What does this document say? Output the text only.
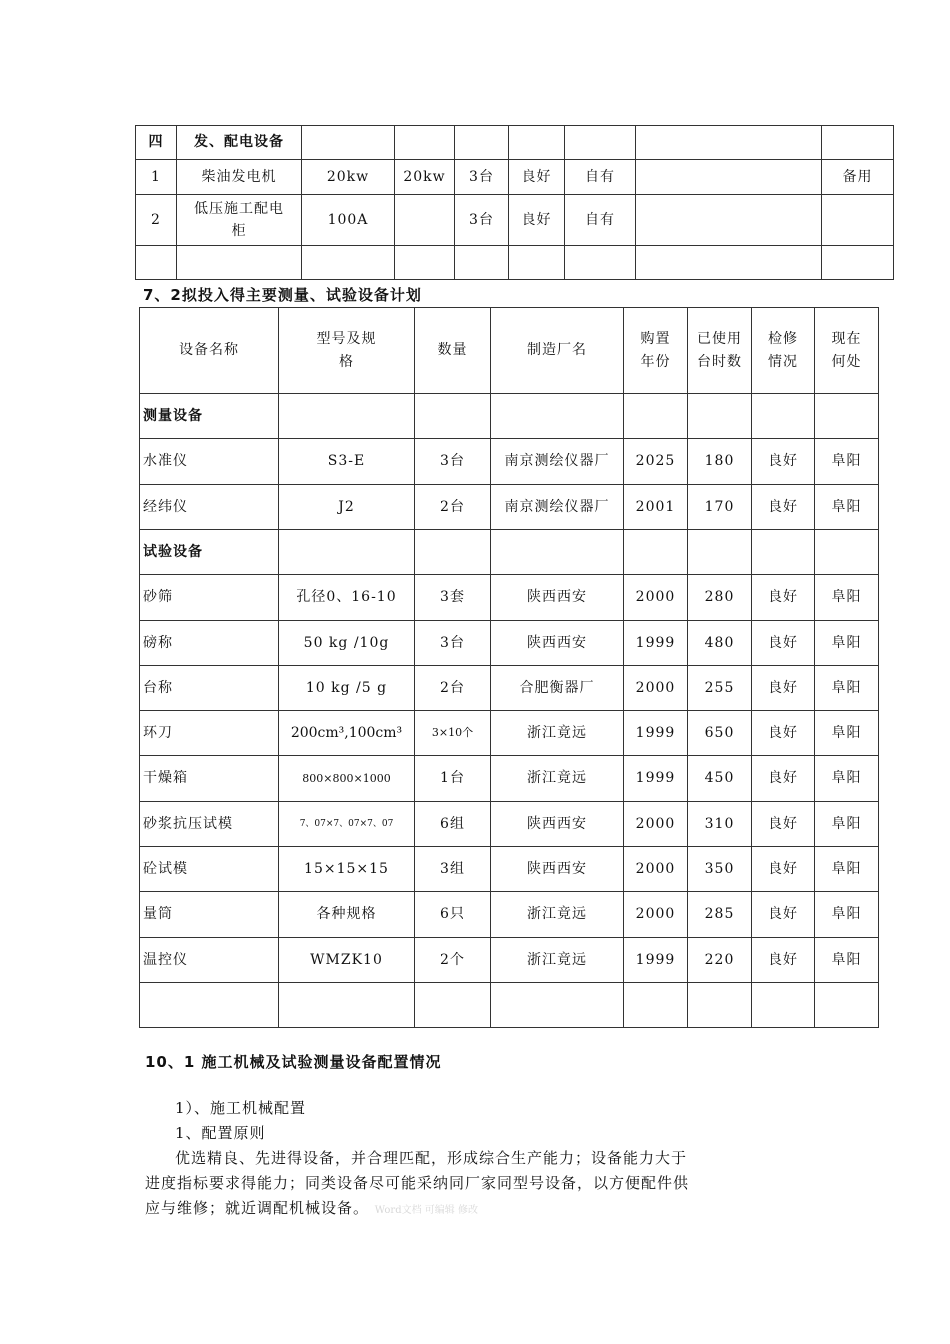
四	发、配电设备							
1	柴油发电机	20kw	20kw	3台	良好	自有		备用
2	低压施工配电柜	100A		3台	良好	自有		

7、2拟投入得主要测量、试验设备计划
设备名称	型号及规格	数量	制造厂名	购置年份	已使用台时数	检修情况	现在何处
测量设备							
水准仪	S3-E	3台	南京测绘仪器厂	2025	180	良好	阜阳
经纬仪	J2	2台	南京测绘仪器厂	2001	170	良好	阜阳
试验设备							
砂筛	孔径0、16-10	3套	陕西西安	2000	280	良好	阜阳
磅称	50 kg /10g	3台	陕西西安	1999	480	良好	阜阳
台称	10 kg /5 g	2台	合肥衡器厂	2000	255	良好	阜阳
环刀	200cm³,100cm³	3×10个	浙江竟远	1999	650	良好	阜阳
干燥箱	800×800×1000	1台	浙江竟远	1999	450	良好	阜阳
砂浆抗压试模	7、07×7、07×7、07	6组	陕西西安	2000	310	良好	阜阳
砼试模	15×15×15	3组	陕西西安	2000	350	良好	阜阳
量筒	各种规格	6只	浙江竟远	2000	285	良好	阜阳
温控仪	WMZK10	2个	浙江竟远	1999	220	良好	阜阳

10、1 施工机械及试验测量设备配置情况

1）、施工机械配置

1、配置原则

优选精良、先进得设备，并合理匹配，形成综合生产能力；设备能力大于

进度指标要求得能力；同类设备尽可能采纳同厂家同型号设备，以方便配件供

应与维修；就近调配机械设备。 Word文档 可编辑 修改
